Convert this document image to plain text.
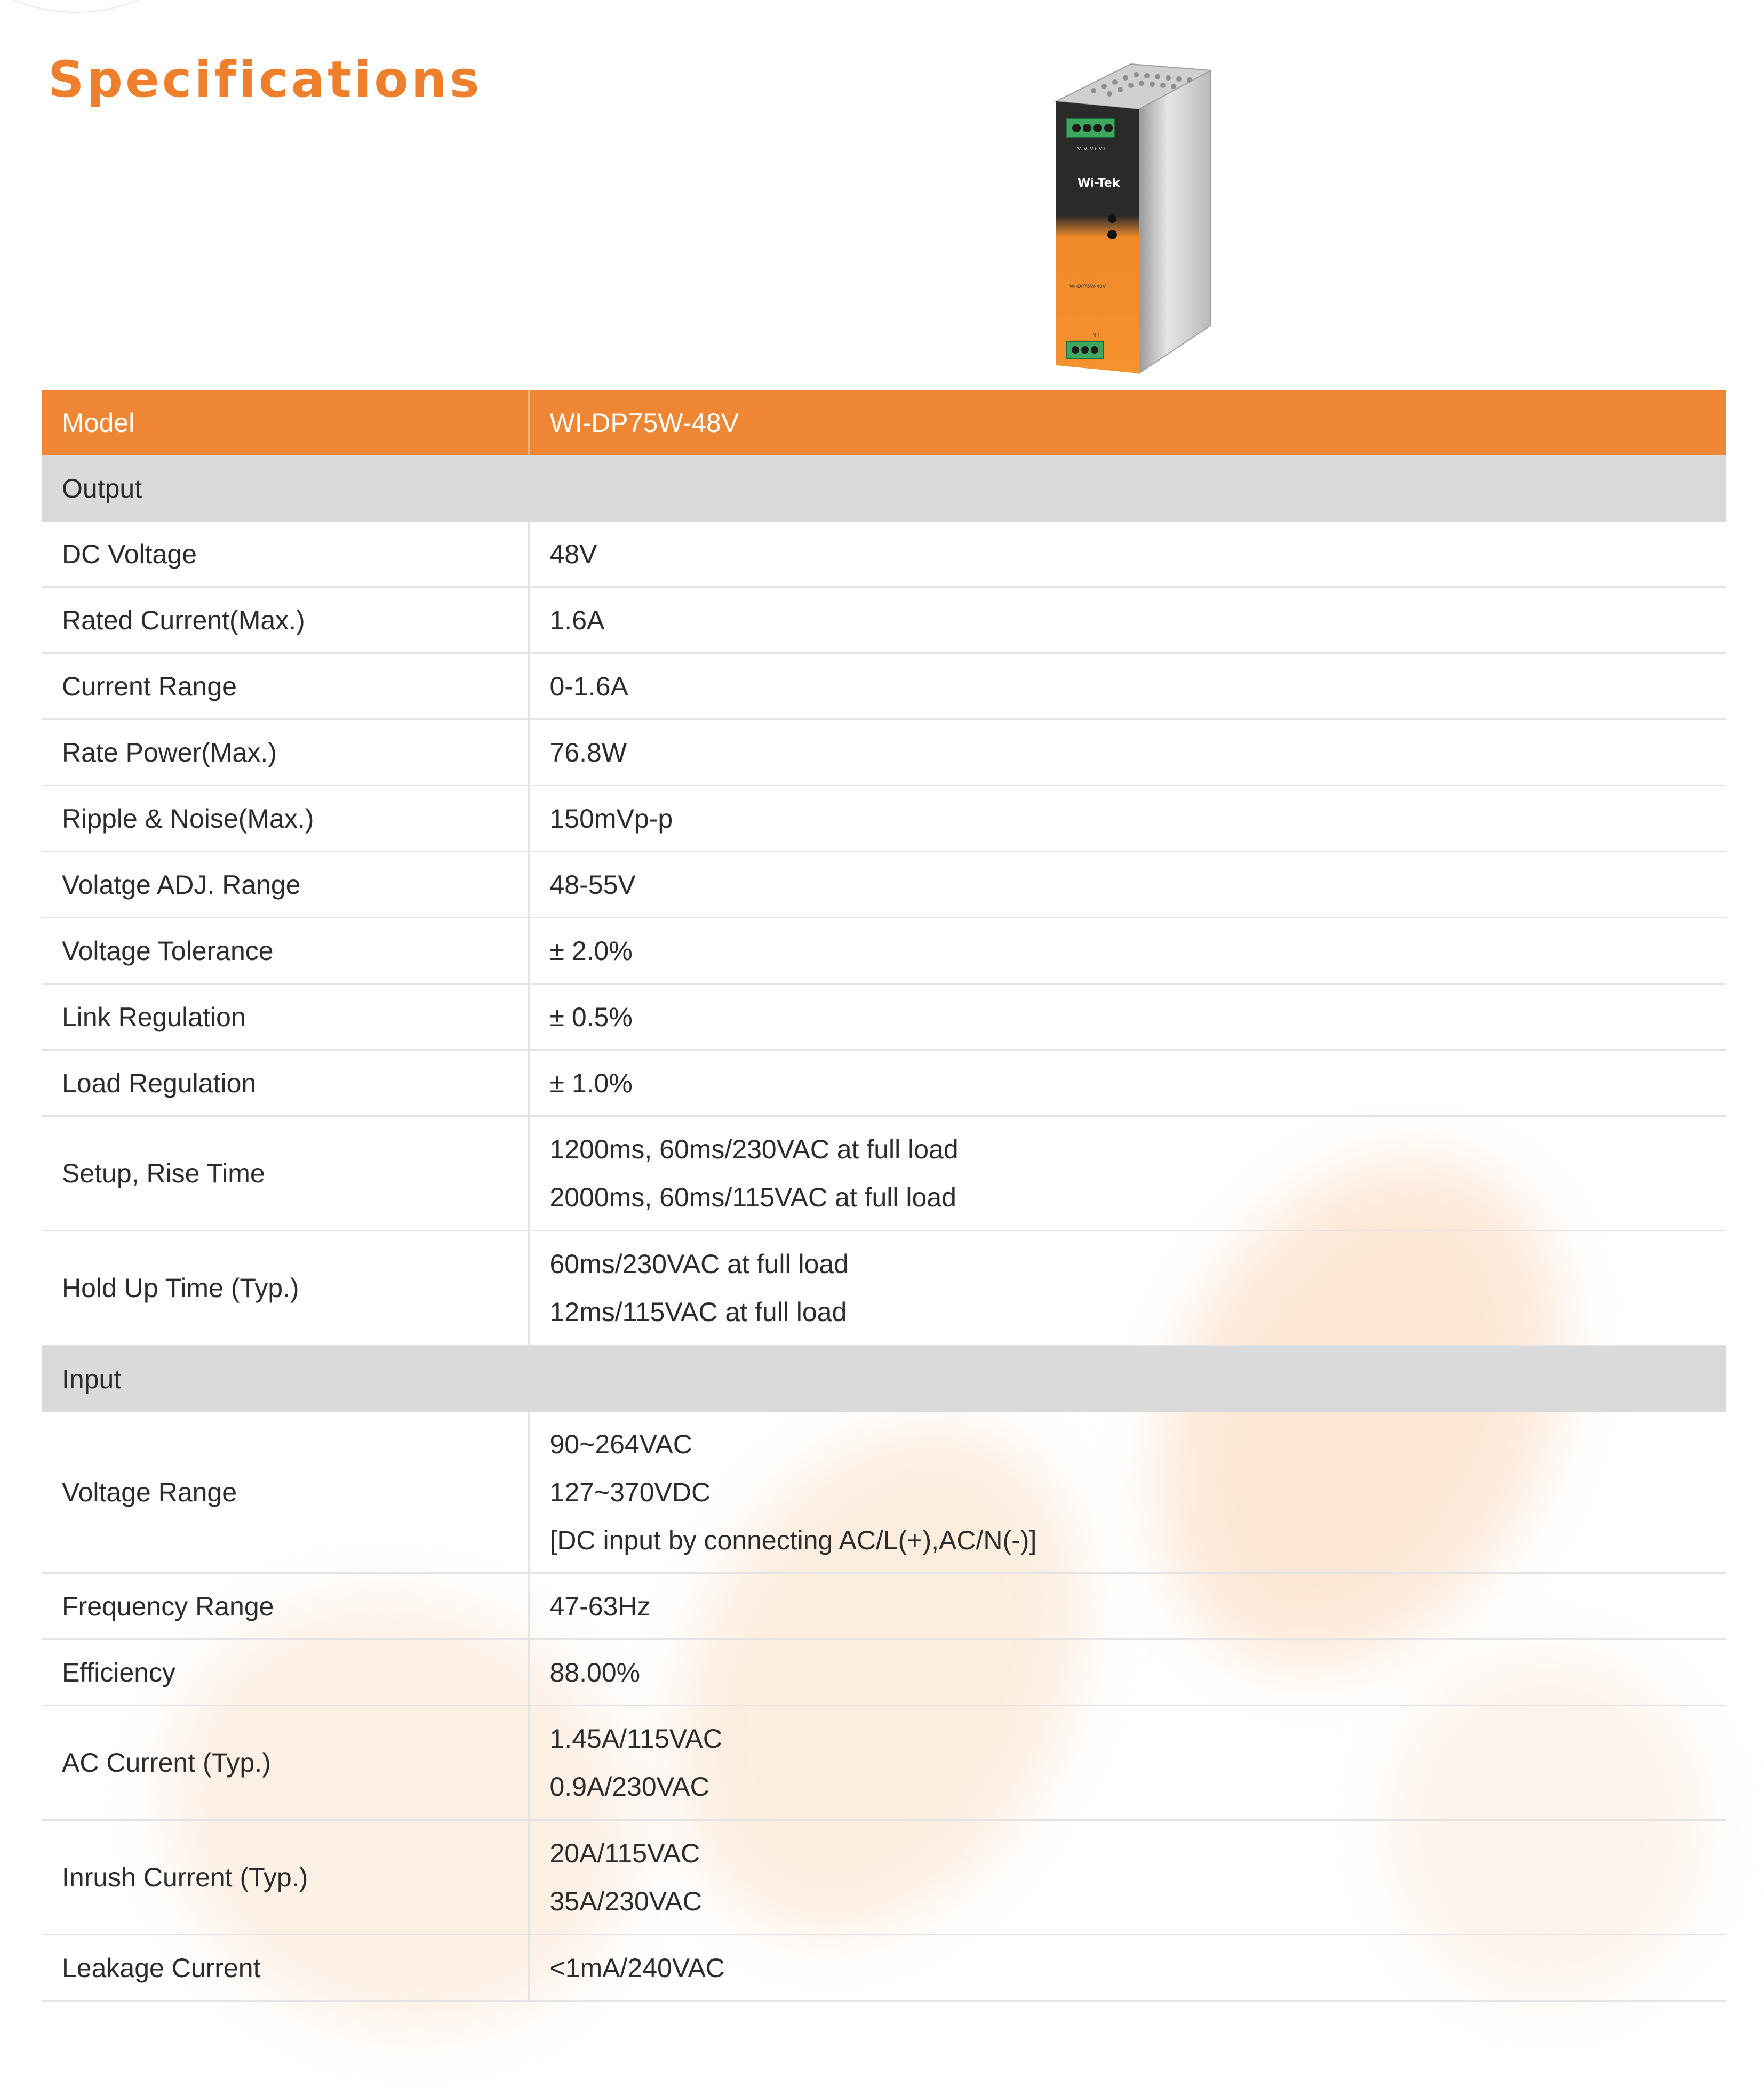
Specifications
V- V- V+ V+
Wi-Tek
WI-DP75W-48V
N L
Model	WI-DP75W-48V
Output	
DC Voltage	48V

Rated Current(Max.)	1.6A

Current Range	0-1.6A

Rate Power(Max.)	76.8W

Ripple & Noise(Max.)	150mVp-p

Volatge ADJ. Range	48-55V

Voltage Tolerance	± 2.0%

Link Regulation	± 0.5%

Load Regulation	± 1.0%

Setup, Rise Time	1200ms, 60ms/230VAC at full load
2000ms, 60ms/115VAC at full load

Hold Up Time (Typ.)	60ms/230VAC at full load
12ms/115VAC at full load

Input	
Voltage Range	90~264VAC
127~370VDC
[DC input by connecting AC/L(+),AC/N(-)]

Frequency Range	47-63Hz

Efficiency	88.00%

AC Current (Typ.)	1.45A/115VAC
0.9A/230VAC

Inrush Current (Typ.)	20A/115VAC
35A/230VAC

Leakage Current	<1mA/240VAC
